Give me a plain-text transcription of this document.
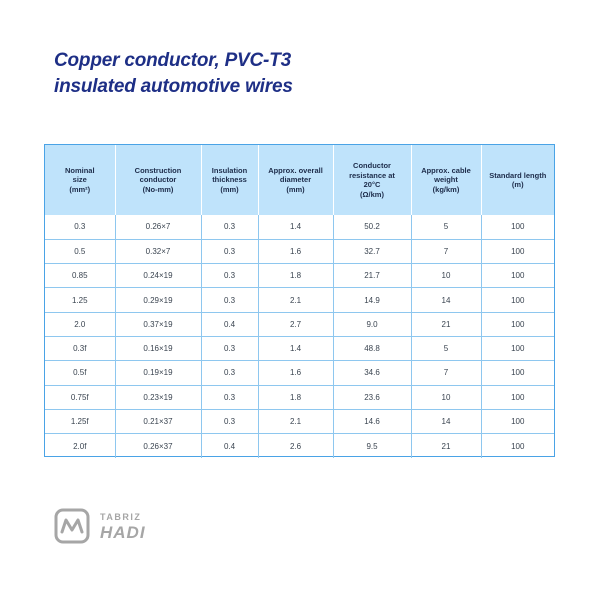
Copper conductor, PVC-T3
insulated automotive wires
Nominal
size
(mm²)	Construction
conductor
(No-mm)	Insulation
thickness
(mm)	Approx. overall
diameter
(mm)	Conductor
resistance at
20°C
(Ω/km)	Approx. cable
weight
(kg/km)	Standard length
(m)

0.3	0.26×7	0.3	1.4	50.2	5	100
0.5	0.32×7	0.3	1.6	32.7	7	100
0.85	0.24×19	0.3	1.8	21.7	10	100
1.25	0.29×19	0.3	2.1	14.9	14	100
2.0	0.37×19	0.4	2.7	9.0	21	100
0.3f	0.16×19	0.3	1.4	48.8	5	100
0.5f	0.19×19	0.3	1.6	34.6	7	100
0.75f	0.23×19	0.3	1.8	23.6	10	100
1.25f	0.21×37	0.3	2.1	14.6	14	100
2.0f	0.26×37	0.4	2.6	9.5	21	100
TABRIZ
HADI
